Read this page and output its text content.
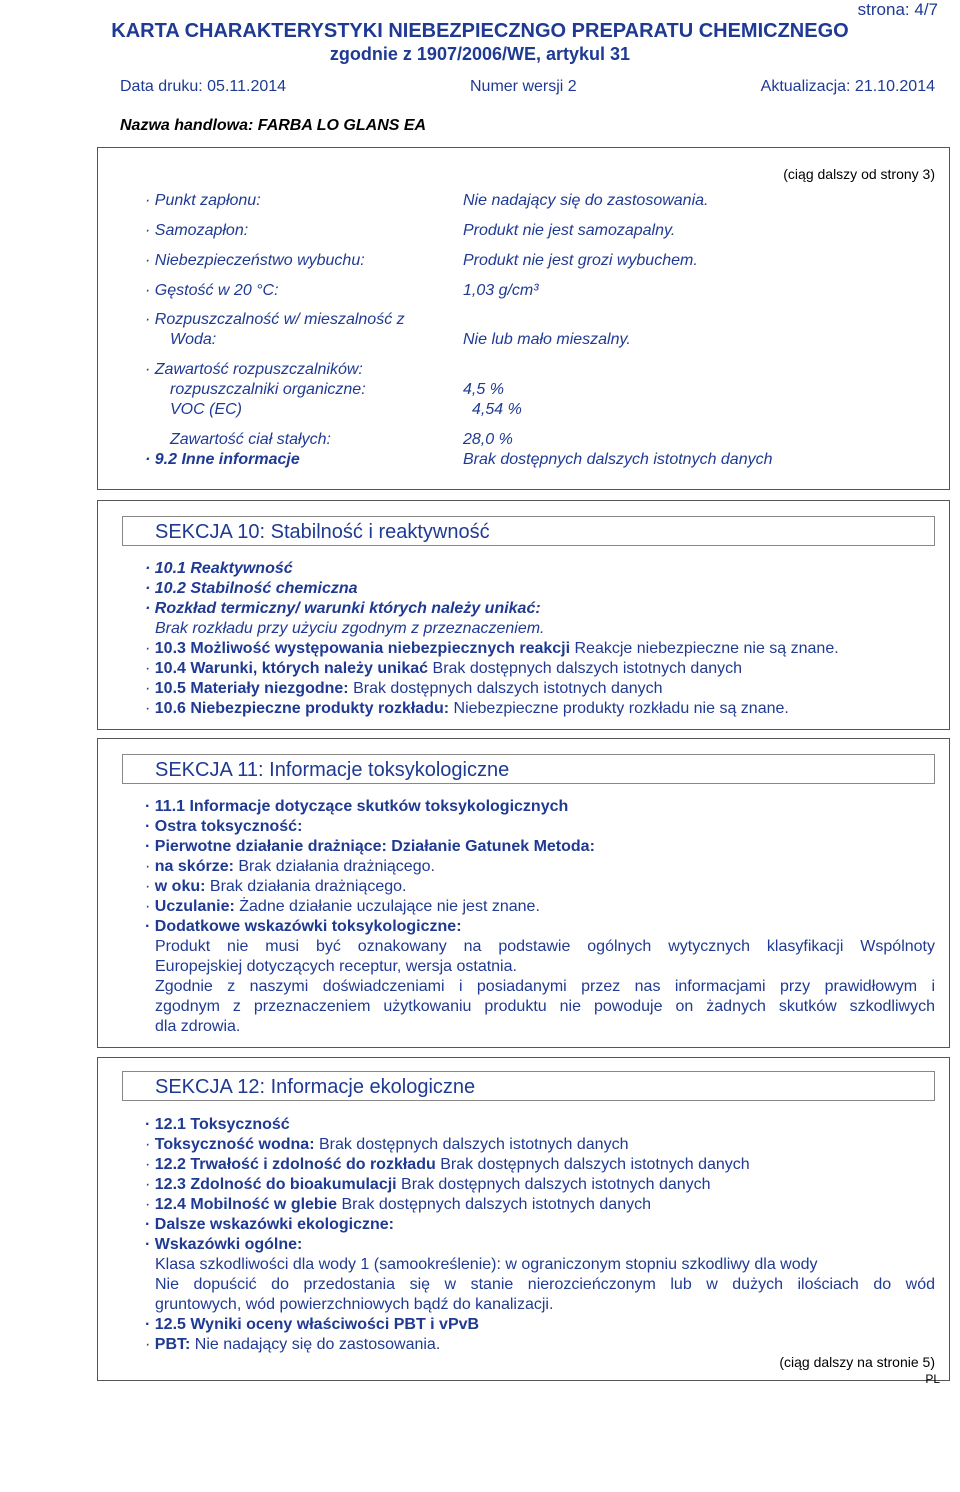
strona: 4/7
KARTA CHARAKTERYSTYKI NIEBEZPIECZNGO PREPARATU CHEMICZNEGO
zgodnie z 1907/2006/WE, artykul 31
Data druku: 05.11.2014	Numer wersji 2	Aktualizacja: 21.10.2014
Nazwa handlowa: FARBA LO GLANS EA
(ciąg dalszy od strony 3)
· Punkt zapłonu:	Nie nadający się do zastosowania.
· Samozapłon:	Produkt nie jest samozapalny.
· Niebezpieczeństwo wybuchu:	Produkt nie jest grozi wybuchem.
· Gęstość w 20 °C:	1,03 g/cm³
· Rozpuszczalność w/ mieszalność z
Woda:	Nie lub mało mieszalny.
· Zawartość rozpuszczalników:
rozpuszczalniki organiczne:	4,5 %
VOC (EC)	4,54 %
Zawartość ciał stałych:	28,0 %
· 9.2 Inne informacje	Brak dostępnych dalszych istotnych danych
SEKCJA 10: Stabilność i reaktywność
· 10.1 Reaktywność
· 10.2 Stabilność chemiczna
· Rozkład termiczny/ warunki których należy unikać:
Brak rozkładu przy użyciu zgodnym z przeznaczeniem.
· 10.3 Możliwość występowania niebezpiecznych reakcji Reakcje niebezpieczne nie są znane.
· 10.4 Warunki, których należy unikać Brak dostępnych dalszych istotnych danych
· 10.5 Materiały niezgodne: Brak dostępnych dalszych istotnych danych
· 10.6 Niebezpieczne produkty rozkładu: Niebezpieczne produkty rozkładu nie są znane.
SEKCJA 11: Informacje toksykologiczne
· 11.1 Informacje dotyczące skutków toksykologicznych
· Ostra toksyczność:
· Pierwotne działanie drażniące: Działanie Gatunek Metoda:
· na skórze: Brak działania drażniącego.
· w oku: Brak działania drażniącego.
· Uczulanie: Żadne działanie uczulające nie jest znane.
· Dodatkowe wskazówki toksykologiczne:
Produkt nie musi być oznakowany na podstawie ogólnych wytycznych klasyfikacji Wspólnoty
Europejskiej dotyczących receptur, wersja ostatnia.
Zgodnie z naszymi doświadczeniami i posiadanymi przez nas informacjami przy prawidłowym i
zgodnym z przeznaczeniem użytkowaniu produktu nie powoduje on żadnych skutków szkodliwych
dla zdrowia.
SEKCJA 12: Informacje ekologiczne
· 12.1 Toksyczność
· Toksyczność wodna: Brak dostępnych dalszych istotnych danych
· 12.2 Trwałość i zdolność do rozkładu Brak dostępnych dalszych istotnych danych
· 12.3 Zdolność do bioakumulacji Brak dostępnych dalszych istotnych danych
· 12.4 Mobilność w glebie Brak dostępnych dalszych istotnych danych
· Dalsze wskazówki ekologiczne:
· Wskazówki ogólne:
Klasa szkodliwości dla wody 1 (samookreślenie): w ograniczonym stopniu szkodliwy dla wody
Nie dopuścić do przedostania się w stanie nierozcieńczonym lub w dużych ilościach do wód
gruntowych, wód powierzchniowych bądź do kanalizacji.
· 12.5 Wyniki oceny właściwości PBT i vPvB
· PBT: Nie nadający się do zastosowania.
(ciąg dalszy na stronie 5)
PL
